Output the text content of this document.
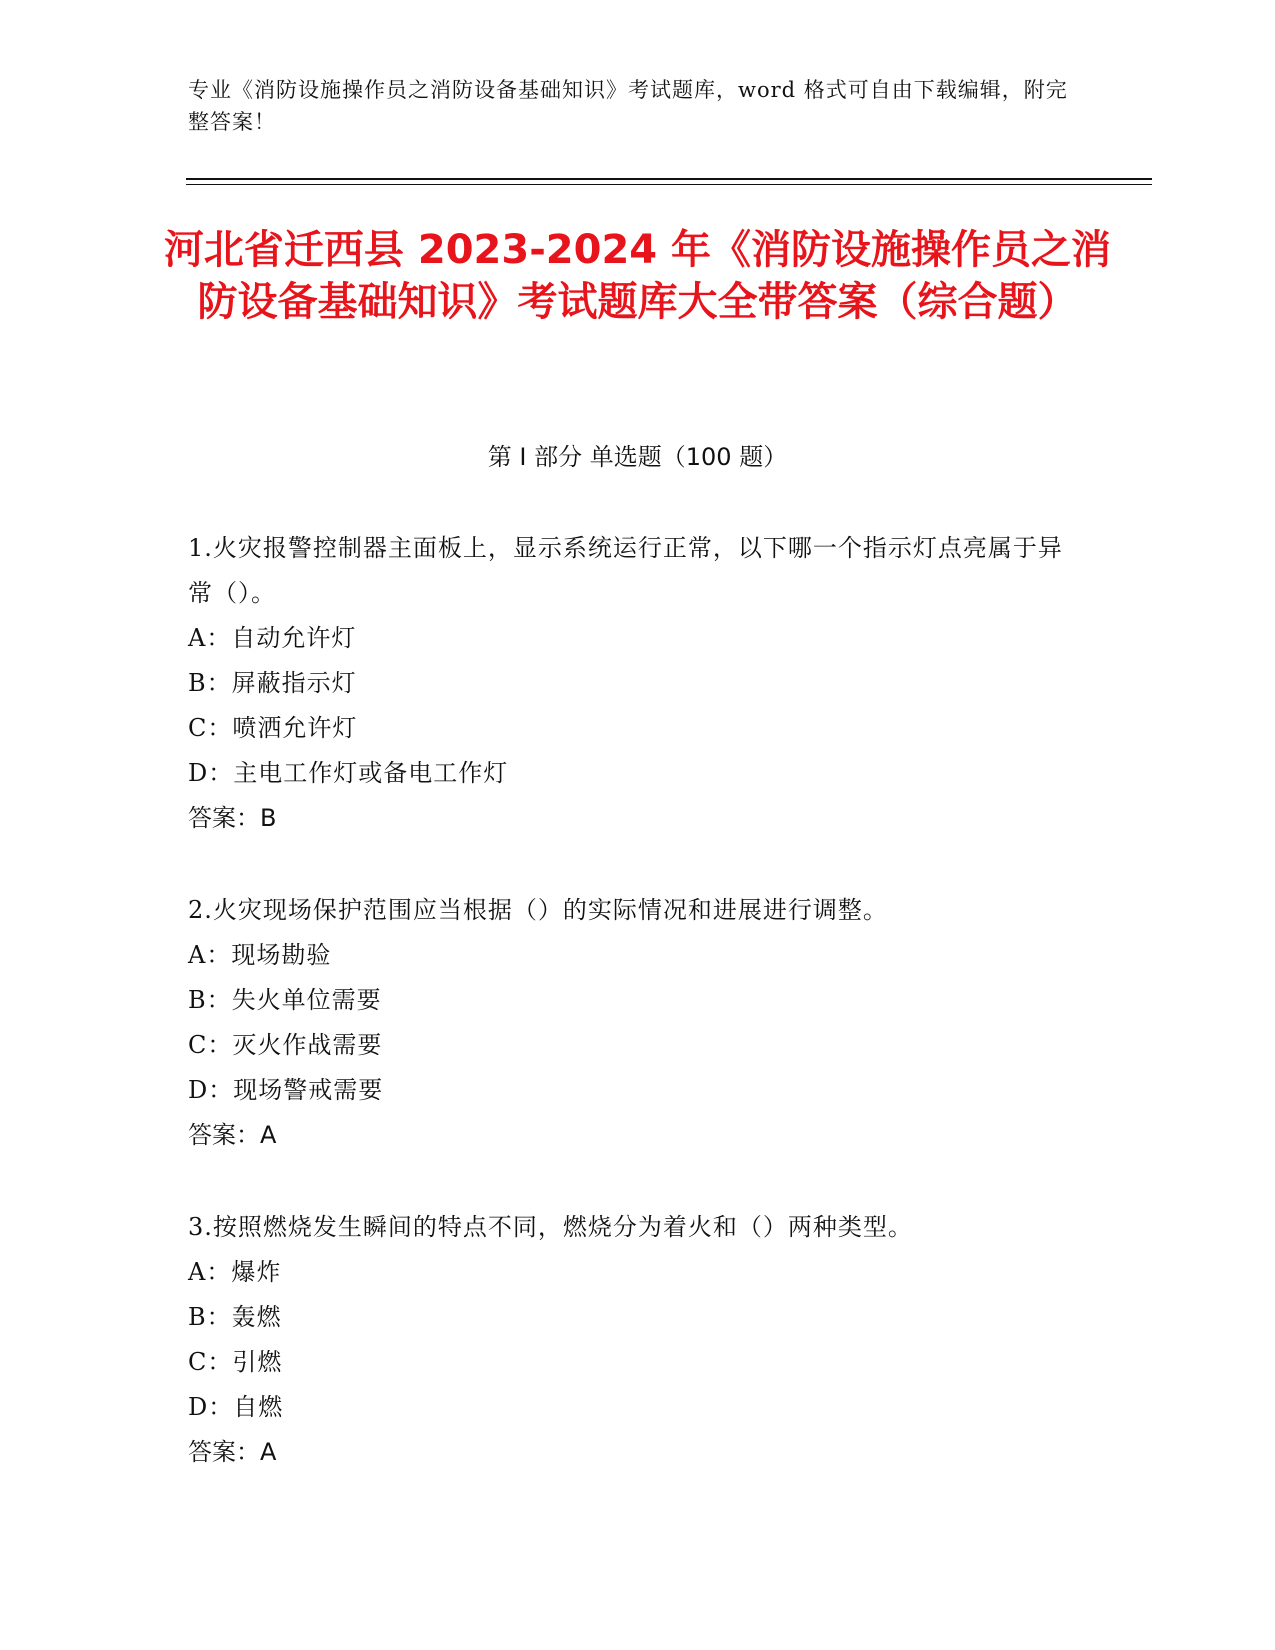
专业《消防设施操作员之消防设备基础知识》考试题库，word 格式可自由下载编辑，附完整答案！
河北省迁西县 2023-2024 年《消防设施操作员之消防设备基础知识》考试题库大全带答案（综合题）
第 I 部分 单选题（100 题）
1.火灾报警控制器主面板上，显示系统运行正常，以下哪一个指示灯点亮属于异常（）。
A：自动允许灯
B：屏蔽指示灯
C：喷洒允许灯
D：主电工作灯或备电工作灯
答案：B
2.火灾现场保护范围应当根据（）的实际情况和进展进行调整。
A：现场勘验
B：失火单位需要
C：灭火作战需要
D：现场警戒需要
答案：A
3.按照燃烧发生瞬间的特点不同，燃烧分为着火和（）两种类型。
A：爆炸
B：轰燃
C：引燃
D：自燃
答案：A
